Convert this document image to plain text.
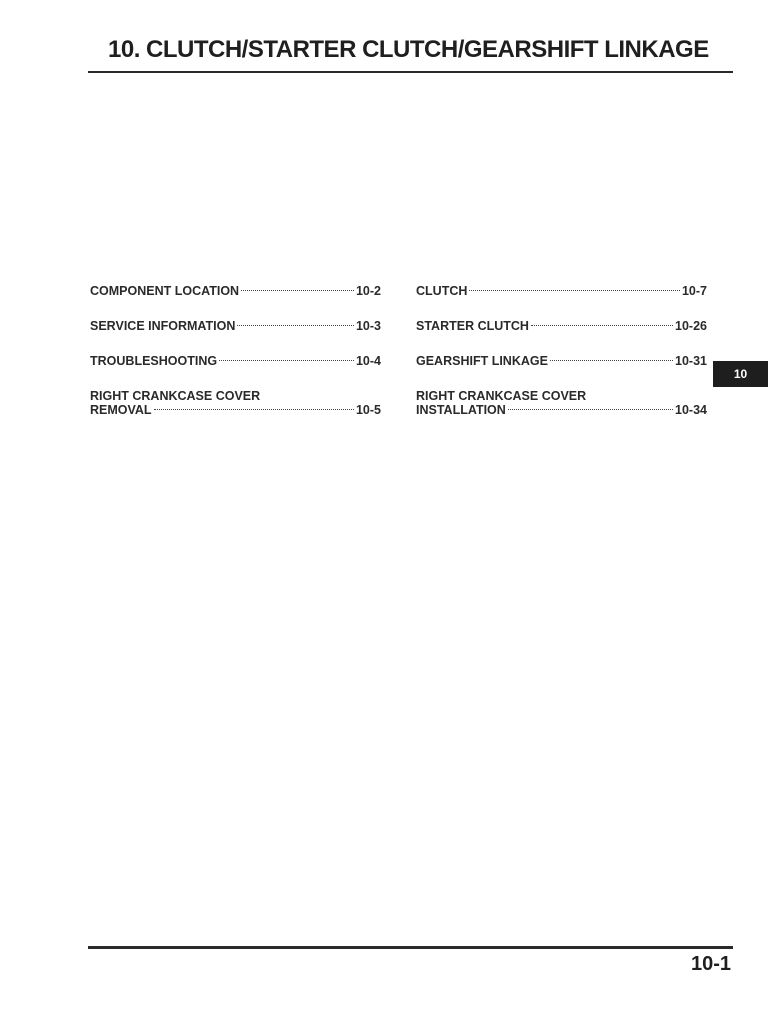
10. CLUTCH/STARTER CLUTCH/GEARSHIFT LINKAGE
10
COMPONENT LOCATION	10-2
SERVICE INFORMATION	10-3
TROUBLESHOOTING	10-4
RIGHT CRANKCASE COVER
REMOVAL	10-5
CLUTCH	10-7
STARTER CLUTCH	10-26
GEARSHIFT LINKAGE	10-31
RIGHT CRANKCASE COVER
INSTALLATION	10-34
10-1
